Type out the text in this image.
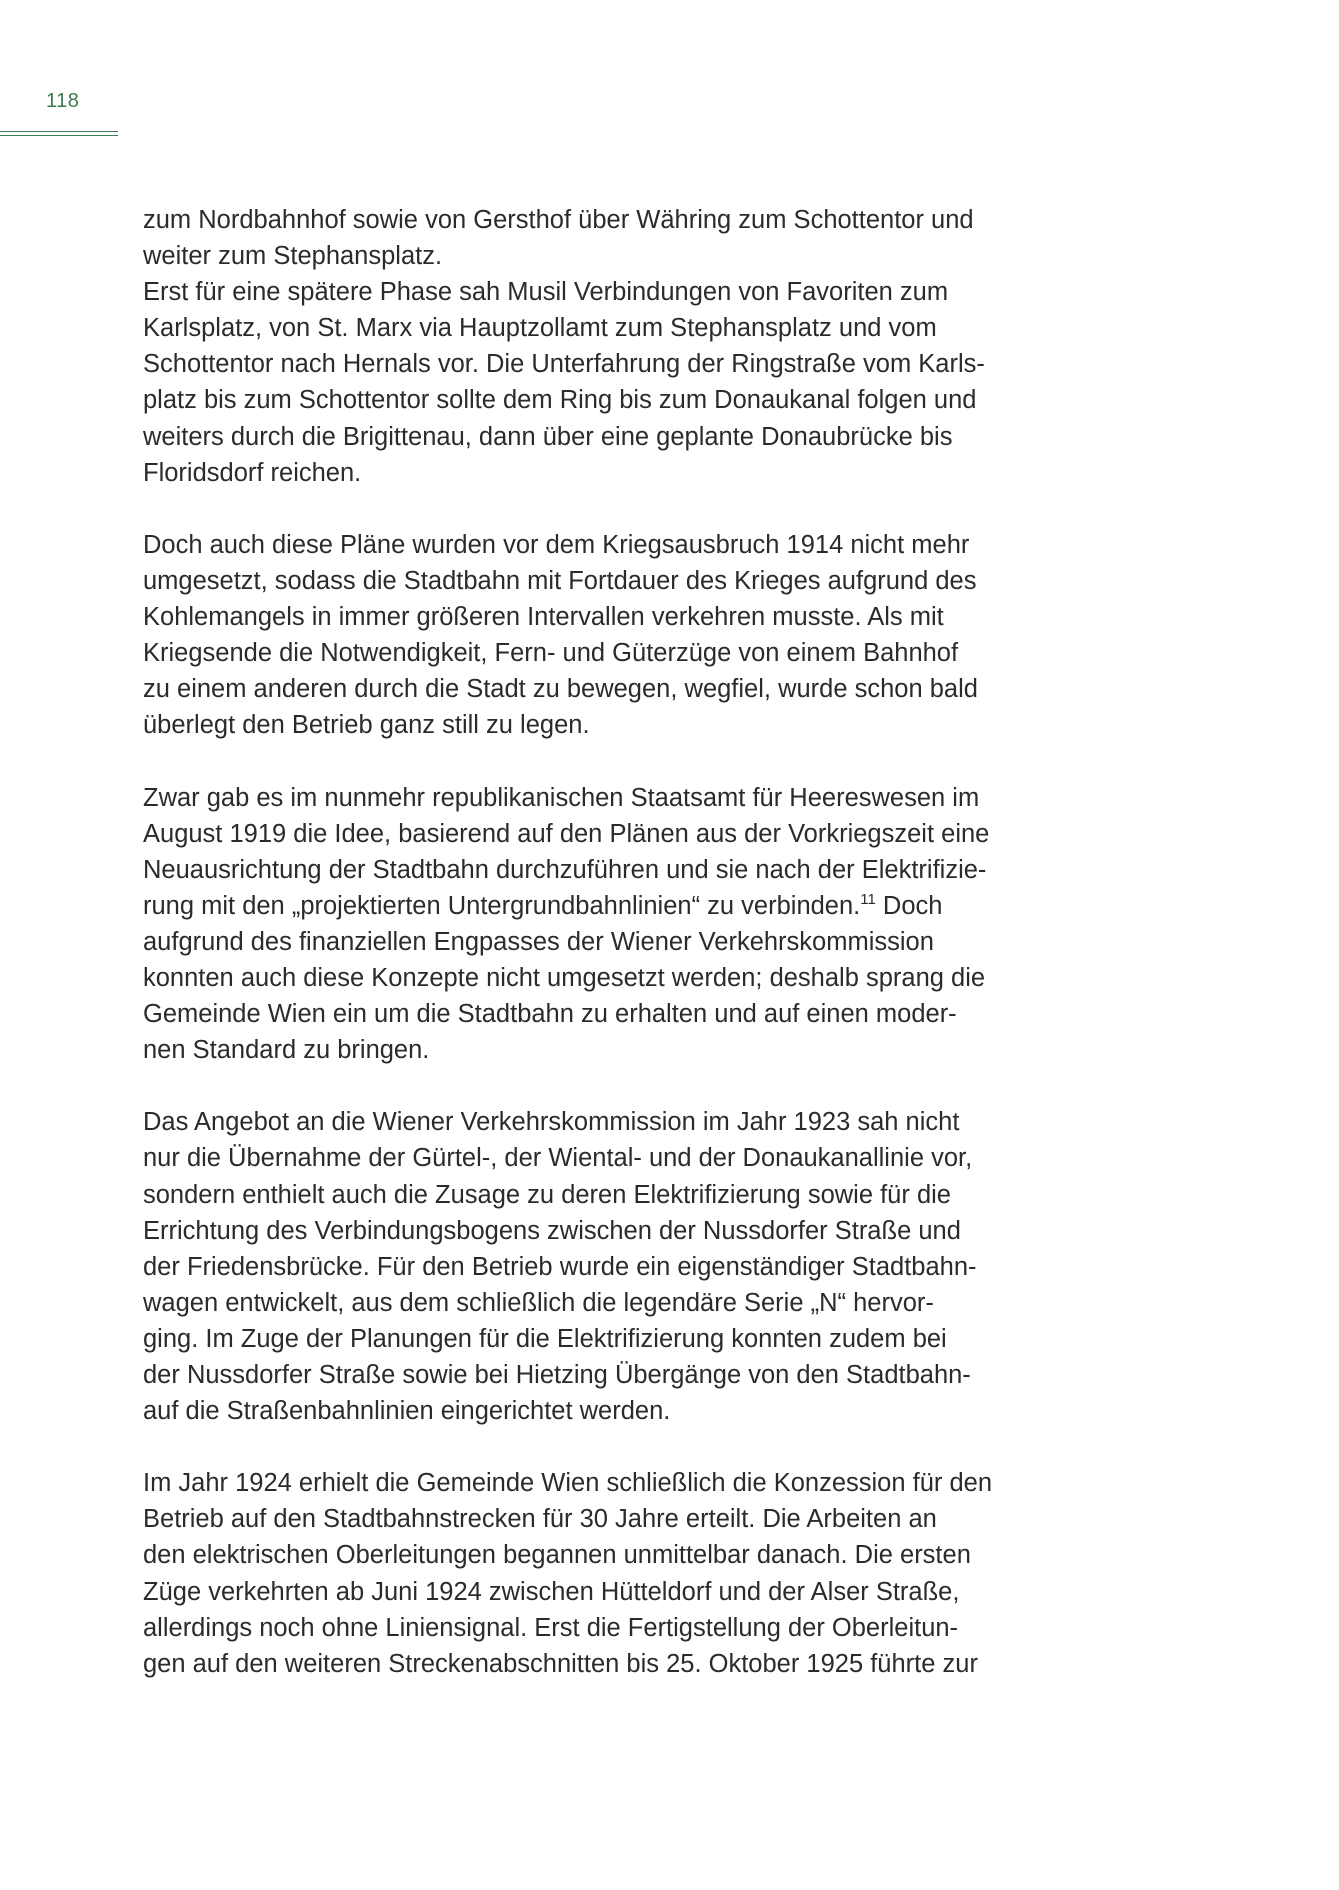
118
zum Nordbahnhof sowie von Gersthof über Währing zum Schottentor und
weiter zum Stephansplatz.
Erst für eine spätere Phase sah Musil Verbindungen von Favoriten zum
Karlsplatz, von St. Marx via Hauptzollamt zum Stephansplatz und vom
Schottentor nach Hernals vor. Die Unterfahrung der Ringstraße vom Karls-
platz bis zum Schottentor sollte dem Ring bis zum Donaukanal folgen und
weiters durch die Brigittenau, dann über eine geplante Donaubrücke bis
Floridsdorf reichen.
Doch auch diese Pläne wurden vor dem Kriegsausbruch 1914 nicht mehr
umgesetzt, sodass die Stadtbahn mit Fortdauer des Krieges aufgrund des
Kohlemangels in immer größeren Intervallen verkehren musste. Als mit
Kriegsende die Notwendigkeit, Fern- und Güterzüge von einem Bahnhof
zu einem anderen durch die Stadt zu bewegen, wegfiel, wurde schon bald
überlegt den Betrieb ganz still zu legen.
Zwar gab es im nunmehr republikanischen Staatsamt für Heereswesen im
August 1919 die Idee, basierend auf den Plänen aus der Vorkriegszeit eine
Neuausrichtung der Stadtbahn durchzuführen und sie nach der Elektrifizie-
rung mit den „projektierten Untergrundbahnlinien“ zu verbinden.$^{11}$ Doch
aufgrund des finanziellen Engpasses der Wiener Verkehrskommission
konnten auch diese Konzepte nicht umgesetzt werden; deshalb sprang die
Gemeinde Wien ein um die Stadtbahn zu erhalten und auf einen moder-
nen Standard zu bringen.
Das Angebot an die Wiener Verkehrskommission im Jahr 1923 sah nicht
nur die Übernahme der Gürtel-, der Wiental- und der Donaukanallinie vor,
sondern enthielt auch die Zusage zu deren Elektrifizierung sowie für die
Errichtung des Verbindungsbogens zwischen der Nussdorfer Straße und
der Friedensbrücke. Für den Betrieb wurde ein eigenständiger Stadtbahn-
wagen entwickelt, aus dem schließlich die legendäre Serie „N“ hervor-
ging. Im Zuge der Planungen für die Elektrifizierung konnten zudem bei
der Nussdorfer Straße sowie bei Hietzing Übergänge von den Stadtbahn-
auf die Straßenbahnlinien eingerichtet werden.
Im Jahr 1924 erhielt die Gemeinde Wien schließlich die Konzession für den
Betrieb auf den Stadtbahnstrecken für 30 Jahre erteilt. Die Arbeiten an
den elektrischen Oberleitungen begannen unmittelbar danach. Die ersten
Züge verkehrten ab Juni 1924 zwischen Hütteldorf und der Alser Straße,
allerdings noch ohne Liniensignal. Erst die Fertigstellung der Oberleitun-
gen auf den weiteren Streckenabschnitten bis 25. Oktober 1925 führte zur
